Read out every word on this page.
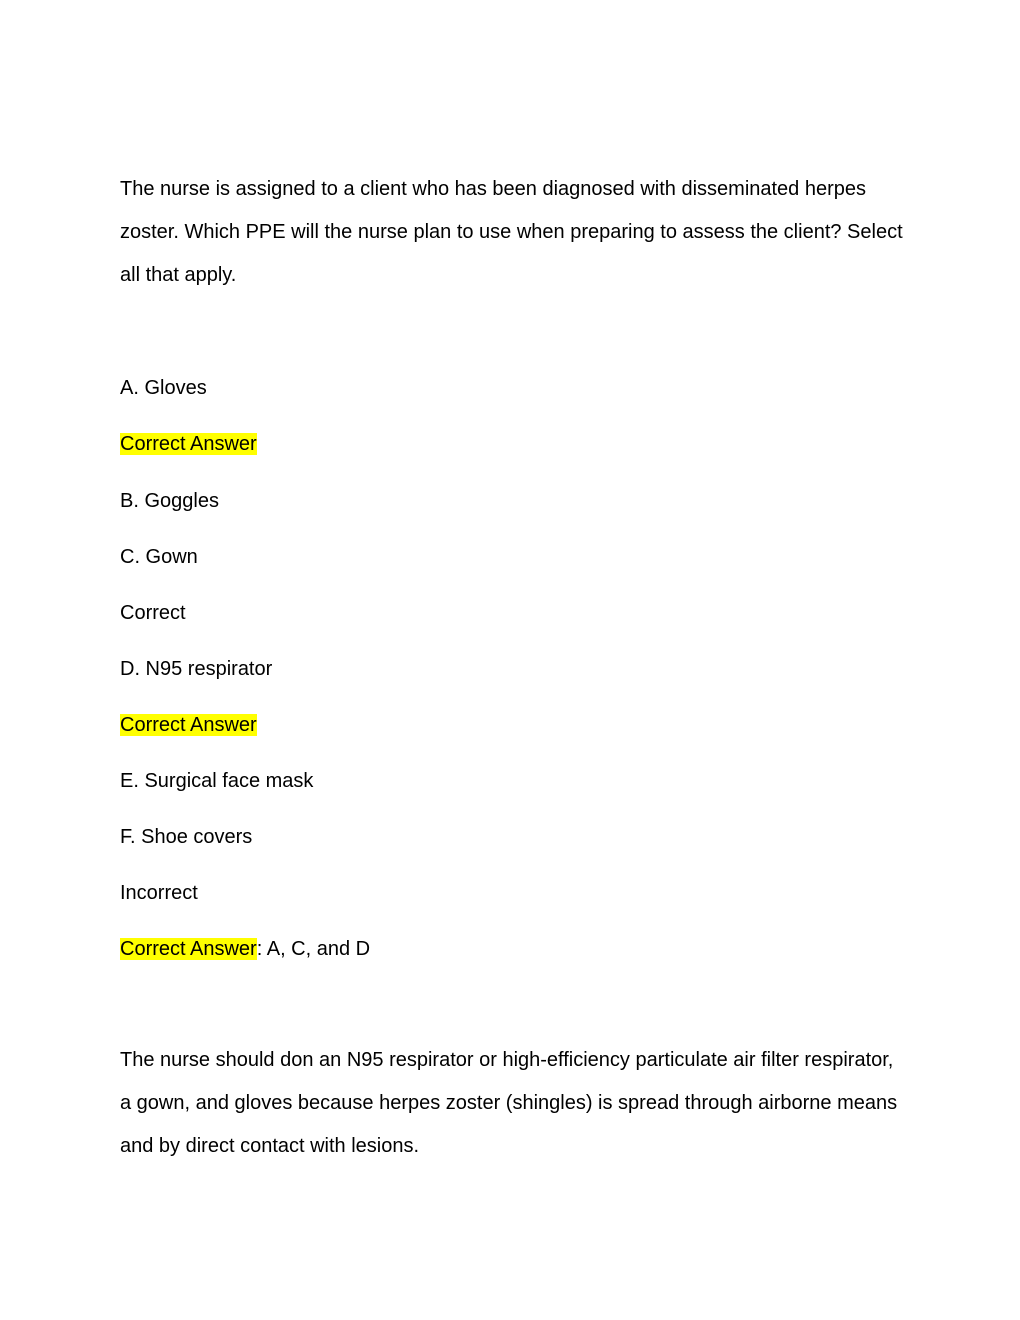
The nurse is assigned to a client who has been diagnosed with disseminated herpes zoster. Which PPE will the nurse plan to use when preparing to assess the client? Select all that apply.

A. Gloves
Correct Answer
B. Goggles
C. Gown
Correct
D. N95 respirator
Correct Answer
E. Surgical face mask
F. Shoe covers
Incorrect
Correct Answer: A, C, and D

The nurse should don an N95 respirator or high-efficiency particulate air filter respirator, a gown, and gloves because herpes zoster (shingles) is spread through airborne means and by direct contact with lesions.
